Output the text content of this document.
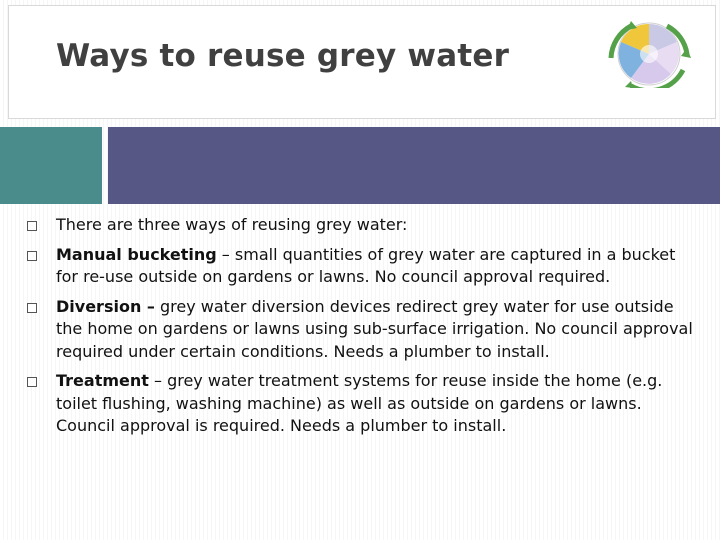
Ways to reuse grey water
There are three ways of reusing grey water:
Manual bucketing – small quantities of grey water are captured in a bucket for re-use outside on gardens or lawns. No council approval required.
Diversion – grey water diversion devices redirect grey water for use outside the home on gardens or lawns using sub-surface irrigation. No council approval required under certain conditions. Needs a plumber to install.
Treatment – grey water treatment systems for reuse inside the home (e.g. toilet flushing, washing machine) as well as outside on gardens or lawns. Council approval is required. Needs a plumber to install.
